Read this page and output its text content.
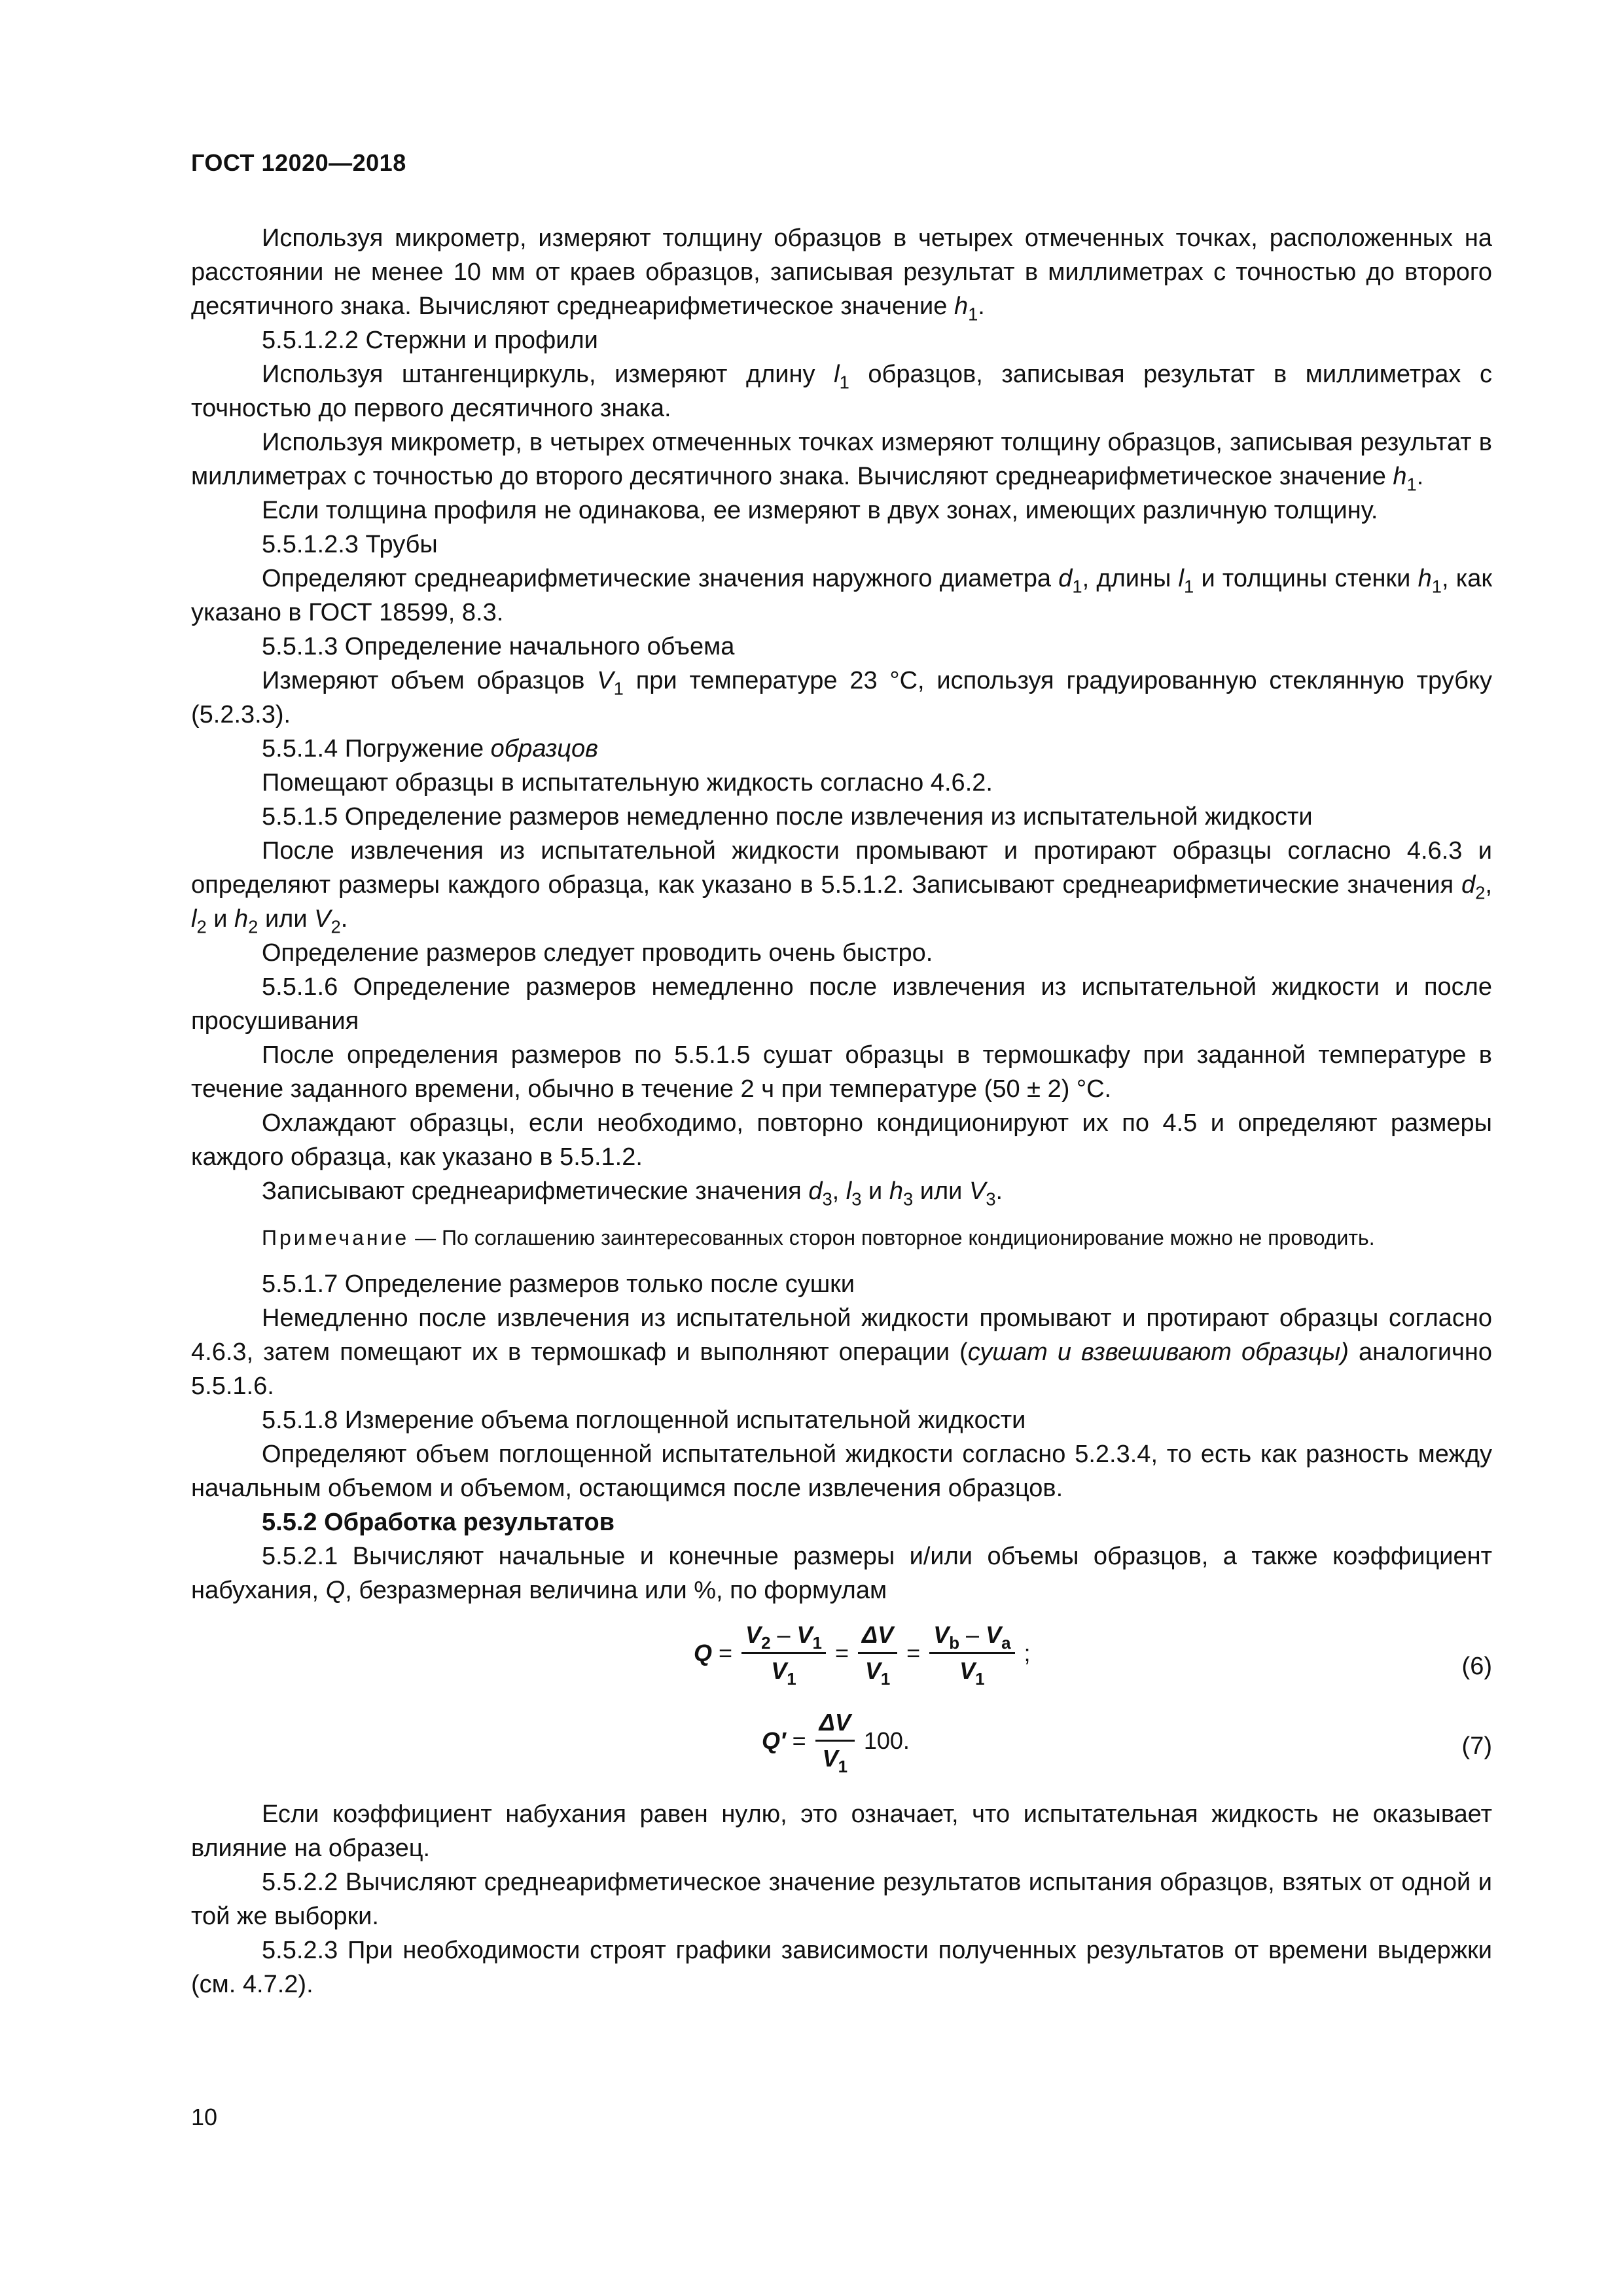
ГОСТ 12020—2018

Используя микрометр, измеряют толщину образцов в четырех отмеченных точках, расположенных на расстоянии не менее 10 мм от краев образцов, записывая результат в миллиметрах с точностью до второго десятичного знака. Вычисляют среднеарифметическое значение $h_1$.

5.5.1.2.2 Стержни и профили

Используя штангенциркуль, измеряют длину $l_1$ образцов, записывая результат в миллиметрах с точностью до первого десятичного знака.

Используя микрометр, в четырех отмеченных точках измеряют толщину образцов, записывая результат в миллиметрах с точностью до второго десятичного знака. Вычисляют среднеарифметическое значение $h_1$.

Если толщина профиля не одинакова, ее измеряют в двух зонах, имеющих различную толщину.

5.5.1.2.3 Трубы

Определяют среднеарифметические значения наружного диаметра $d_1$, длины $l_1$ и толщины стенки $h_1$, как указано в ГОСТ 18599, 8.3.

5.5.1.3 Определение начального объема

Измеряют объем образцов $V_1$ при температуре 23 °С, используя градуированную стеклянную трубку (5.2.3.3).

5.5.1.4 Погружение образцов

Помещают образцы в испытательную жидкость согласно 4.6.2.

5.5.1.5 Определение размеров немедленно после извлечения из испытательной жидкости

После извлечения из испытательной жидкости промывают и протирают образцы согласно 4.6.3 и определяют размеры каждого образца, как указано в 5.5.1.2. Записывают среднеарифметические значения $d_2$, $l_2$ и $h_2$ или $V_2$.

Определение размеров следует проводить очень быстро.

5.5.1.6 Определение размеров немедленно после извлечения из испытательной жидкости и после просушивания

После определения размеров по 5.5.1.5 сушат образцы в термошкафу при заданной температуре в течение заданного времени, обычно в течение 2 ч при температуре (50 ± 2) °С.

Охлаждают образцы, если необходимо, повторно кондиционируют их по 4.5 и определяют размеры каждого образца, как указано в 5.5.1.2.

Записывают среднеарифметические значения $d_3$, $l_3$ и $h_3$ или $V_3$.

Примечание — По соглашению заинтересованных сторон повторное кондиционирование можно не проводить.

5.5.1.7 Определение размеров только после сушки

Немедленно после извлечения из испытательной жидкости промывают и протирают образцы согласно 4.6.3, затем помещают их в термошкаф и выполняют операции (сушат и взвешивают образцы) аналогично 5.5.1.6.

5.5.1.8 Измерение объема поглощенной испытательной жидкости

Определяют объем поглощенной испытательной жидкости согласно 5.2.3.4, то есть как разность между начальным объемом и объемом, остающимся после извлечения образцов.

5.5.2 Обработка результатов

5.5.2.1 Вычисляют начальные и конечные размеры и/или объемы образцов, а также коэффициент набухания, Q, безразмерная величина или %, по формулам

$Q = \frac{V_2 - V_1}{V_1} = \frac{\Delta V}{V_1} = \frac{V_b - V_a}{V_1}$ ;	(6)
$Q' = \frac{\Delta V}{V_1} 100$.	(7)

Если коэффициент набухания равен нулю, это означает, что испытательная жидкость не оказывает влияние на образец.

5.5.2.2 Вычисляют среднеарифметическое значение результатов испытания образцов, взятых от одной и той же выборки.

5.5.2.3 При необходимости строят графики зависимости полученных результатов от времени выдержки (см. 4.7.2).

10
